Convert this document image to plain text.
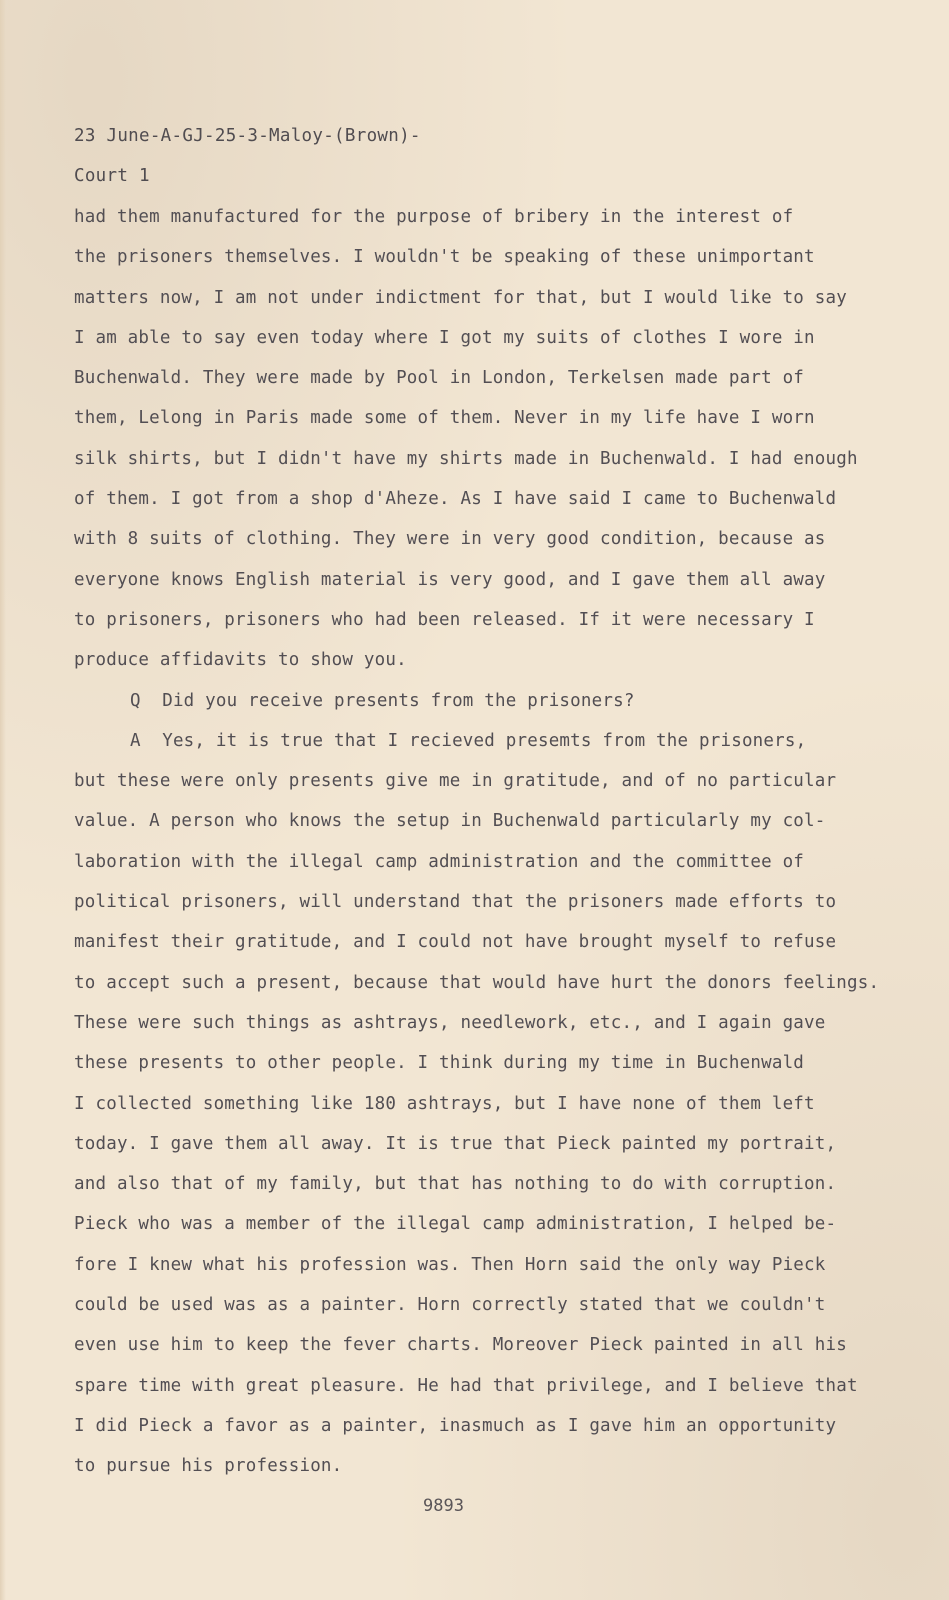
23 June-A-GJ-25-3-Maloy-(Brown)-
Court 1
had them manufactured for the purpose of bribery in the interest of
the prisoners themselves. I wouldn't be speaking of these unimportant
matters now, I am not under indictment for that, but I would like to say
I am able to say even today where I got my suits of clothes I wore in
Buchenwald. They were made by Pool in London, Terkelsen made part of
them, Lelong in Paris made some of them. Never in my life have I worn
silk shirts, but I didn't have my shirts made in Buchenwald. I had enough
of them. I got from a shop d'Aheze. As I have said I came to Buchenwald
with 8 suits of clothing. They were in very good condition, because as
everyone knows English material is very good, and I gave them all away
to prisoners, prisoners who had been released. If it were necessary I
produce affidavits to show you.
Q  Did you receive presents from the prisoners?
A  Yes, it is true that I recieved presemts from the prisoners,
but these were only presents give me in gratitude, and of no particular
value. A person who knows the setup in Buchenwald particularly my col-
laboration with the illegal camp administration and the committee of
political prisoners, will understand that the prisoners made efforts to
manifest their gratitude, and I could not have brought myself to refuse
to accept such a present, because that would have hurt the donors feelings.
These were such things as ashtrays, needlework, etc., and I again gave
these presents to other people. I think during my time in Buchenwald
I collected something like 180 ashtrays, but I have none of them left
today. I gave them all away. It is true that Pieck painted my portrait,
and also that of my family, but that has nothing to do with corruption.
Pieck who was a member of the illegal camp administration, I helped be-
fore I knew what his profession was. Then Horn said the only way Pieck
could be used was as a painter. Horn correctly stated that we couldn't
even use him to keep the fever charts. Moreover Pieck painted in all his
spare time with great pleasure. He had that privilege, and I believe that
I did Pieck a favor as a painter, inasmuch as I gave him an opportunity
to pursue his profession.
9893
